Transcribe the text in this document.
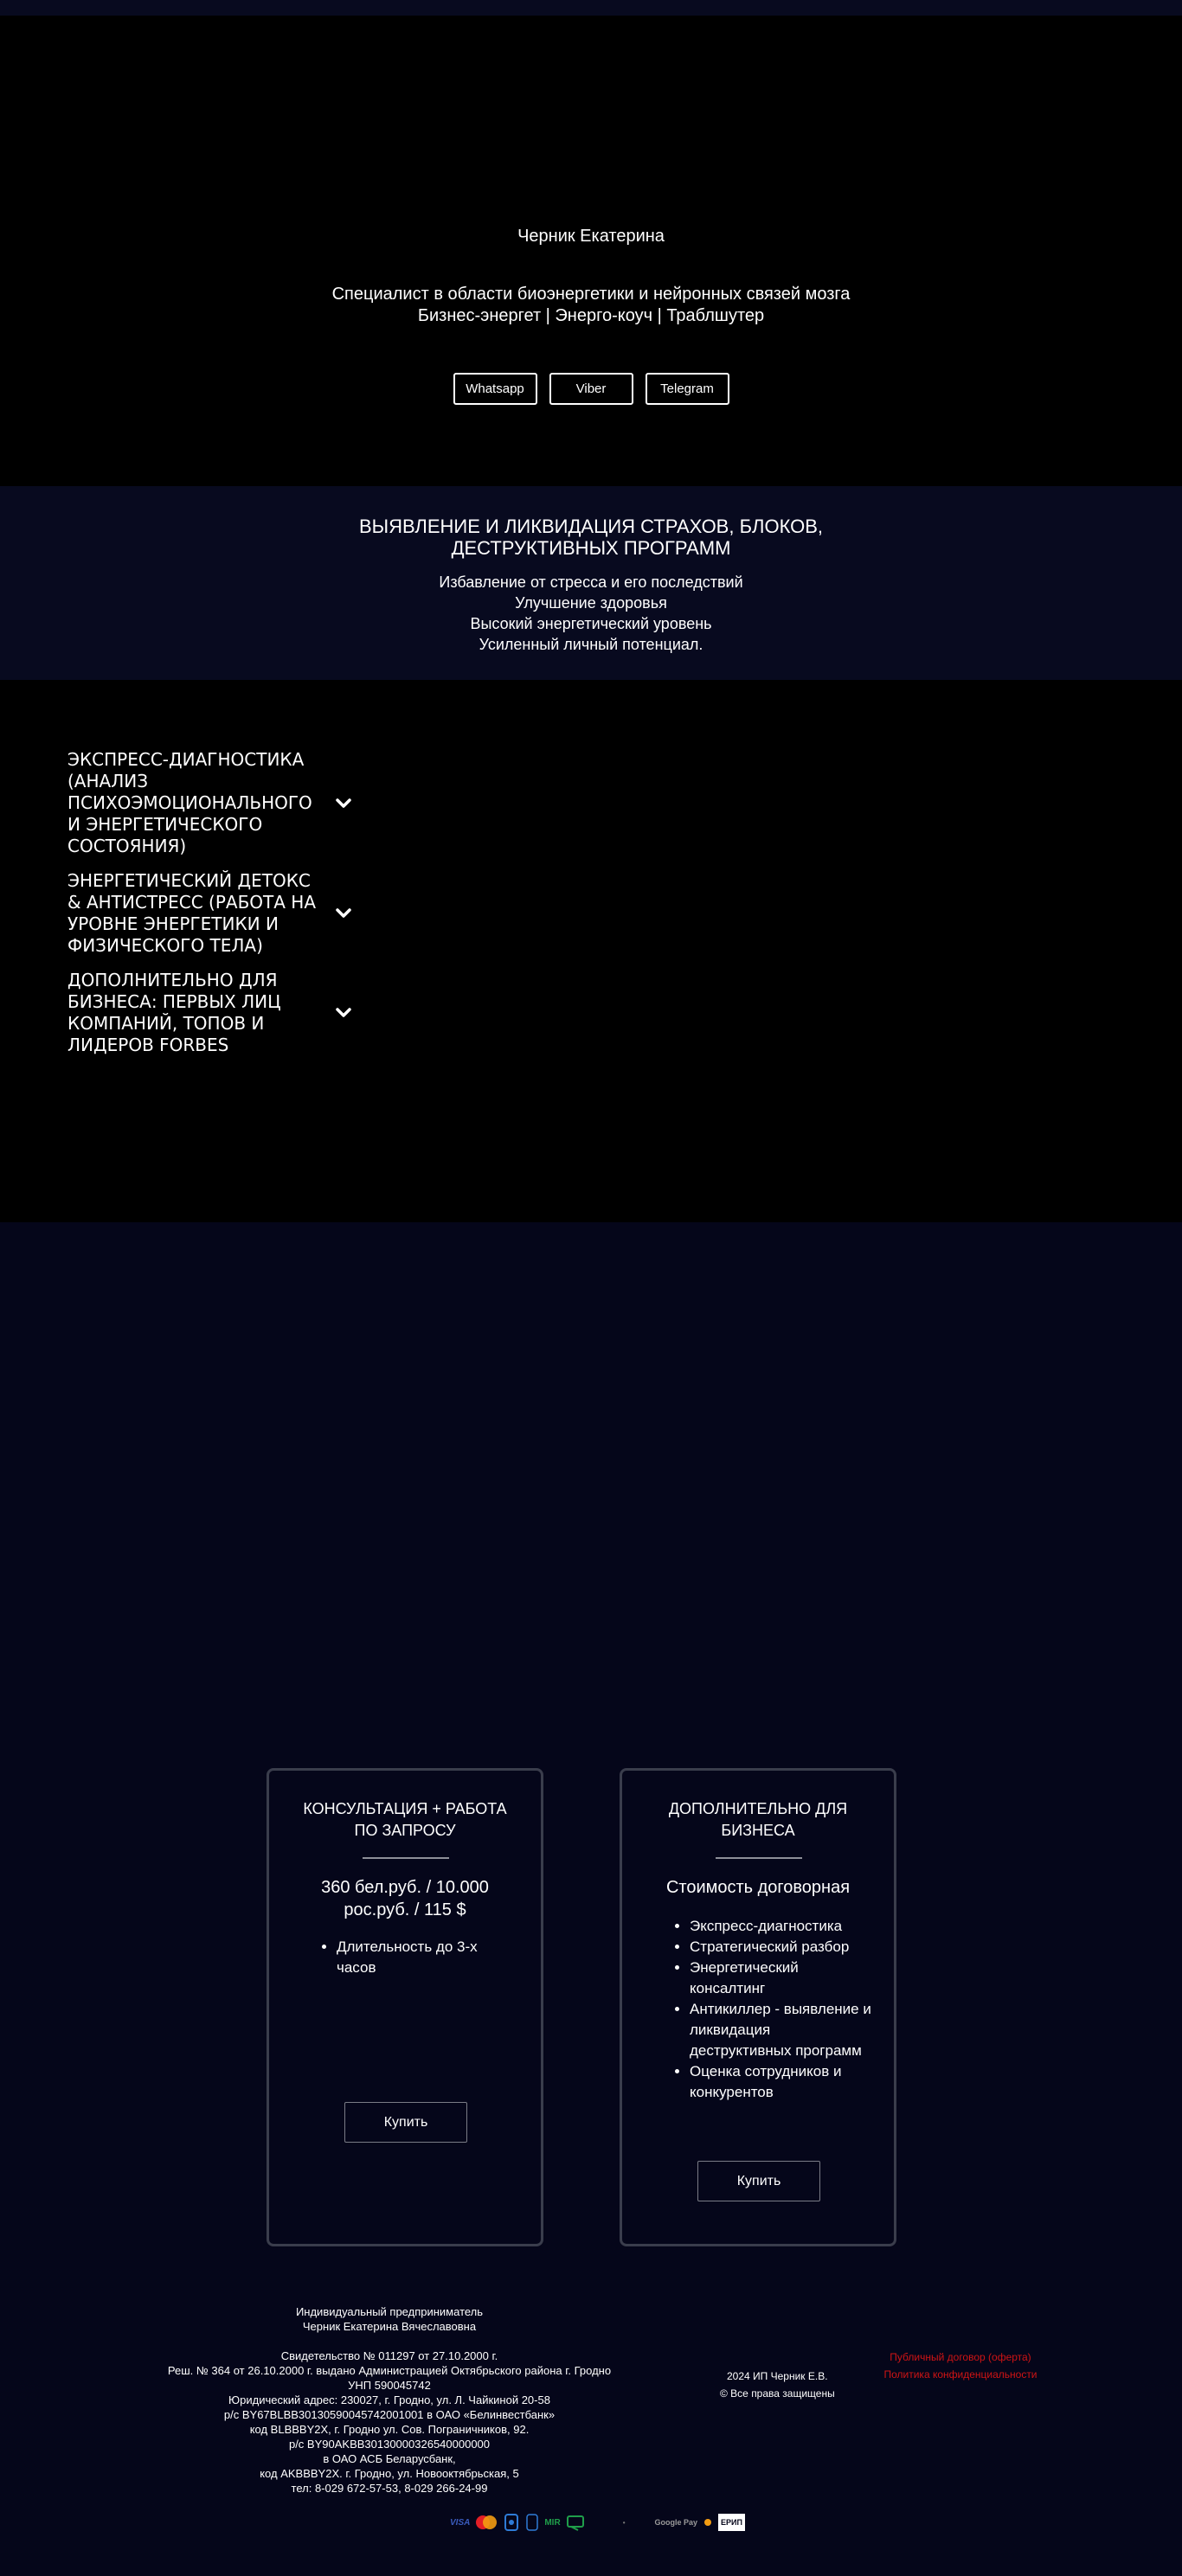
Черник Екатерина
Специалист в области биоэнергетики и нейронных связей мозга
Бизнес-энергет | Энерго-коуч | Траблшутер
Whatsapp	Viber	Telegram
ВЫЯВЛЕНИЕ И ЛИКВИДАЦИЯ СТРАХОВ, БЛОКОВ,
ДЕСТРУКТИВНЫХ ПРОГРАММ
Избавление от стресса и его последствий
Улучшение здоровья
Высокий энергетический уровень
Усиленный личный потенциал.
ЭКСПРЕСС-ДИАГНОСТИКА (АНАЛИЗ ПСИХОЭМОЦИОНАЛЬНОГО И ЭНЕРГЕТИЧЕСКОГО СОСТОЯНИЯ)
ЭНЕРГЕТИЧЕСКИЙ ДЕТОКС & АНТИСТРЕСС (РАБОТА НА УРОВНЕ ЭНЕРГЕТИКИ И ФИЗИЧЕСКОГО ТЕЛА)
ДОПОЛНИТЕЛЬНО ДЛЯ БИЗНЕСА: ПЕРВЫХ ЛИЦ КОМПАНИЙ, ТОПОВ И ЛИДЕРОВ FORBES
КОНСУЛЬТАЦИЯ + РАБОТА ПО ЗАПРОСУ
360 бел.руб. / 10.000 рос.руб. / 115 $
• Длительность до 3-х часов
Купить
ДОПОЛНИТЕЛЬНО ДЛЯ БИЗНЕСА
Стоимость договорная
• Экспресс-диагностика
• Стратегический разбор
• Энергетический консалтинг
• Антикиллер - выявление и ликвидация деструктивных программ
• Оценка сотрудников и конкурентов
Купить
Индивидуальный предприниматель
Черник Екатерина Вячеславовна
Свидетельство № 011297 от 27.10.2000 г.
Реш. № 364 от 26.10.2000 г. выдано Администрацией Октябрьского района г. Гродно
УНП 590045742
Юридический адрес: 230027, г. Гродно, ул. Л. Чайкиной 20-58
р/с BY67BLBB30130590045742001001 в ОАО «Белинвестбанк»
код BLBBBY2X, г. Гродно ул. Сов. Пограничников, 92.
р/с BY90AKBB30130000326540000000
в ОАО АСБ Беларусбанк,
код AKBBBY2X. г. Гродно, ул. Новооктябрьская, 5
тел: 8-029 672-57-53, 8-029 266-24-99
2024 ИП Черник Е.В.
© Все права защищены
Публичный договор (оферта)
Политика конфиденциальности
VISA	MIR	•	Google Pay	ЕРИП
